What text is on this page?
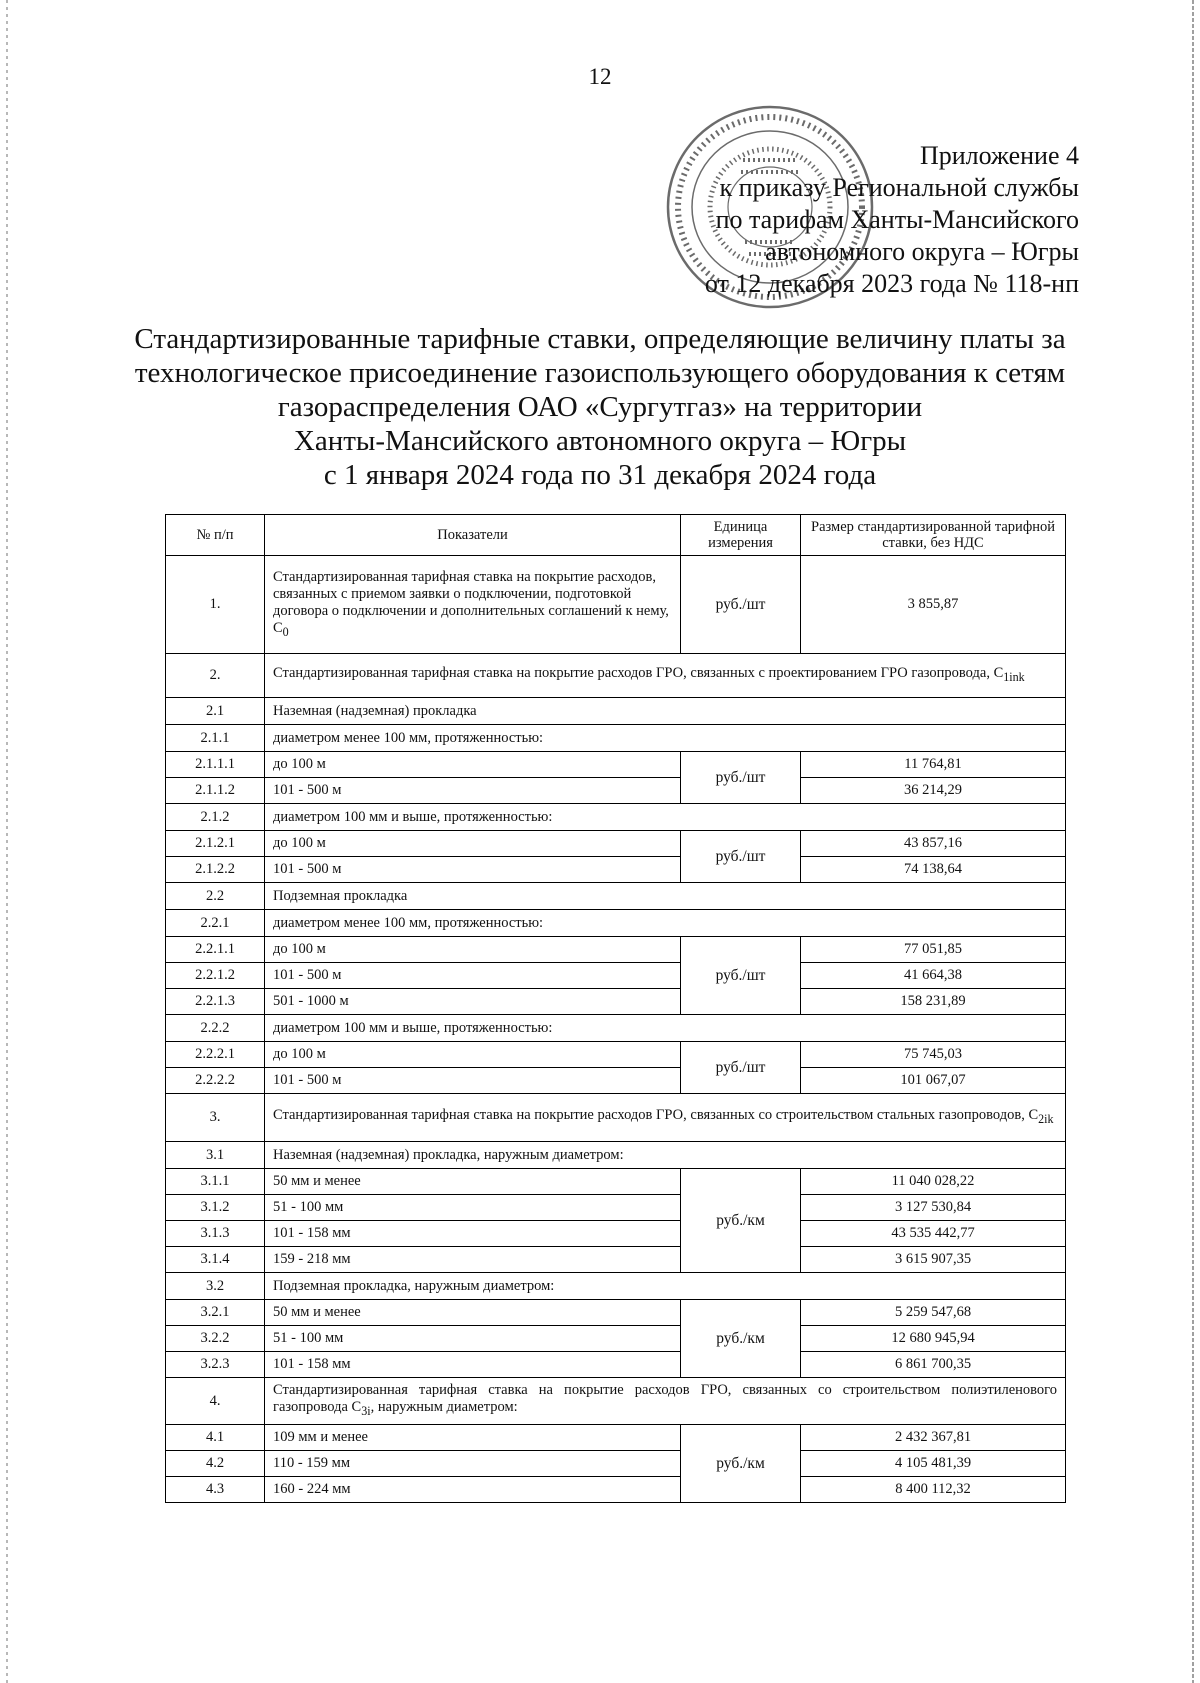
12
Приложение 4
к приказу Региональной службы
по тарифам Ханты-Мансийского
автономного округа – Югры
от 12 декабря 2023 года № 118-нп
Стандартизированные тарифные ставки, определяющие величину платы за
технологическое присоединение газоиспользующего оборудования к сетям
газораспределения ОАО «Сургутгаз» на территории
Ханты-Мансийского автономного округа – Югры
с 1 января 2024 года по 31 декабря 2024 года
№ п/п	Показатели	Единица измерения	Размер стандартизированной тарифной ставки, без НДС
1.	Стандартизированная тарифная ставка на покрытие расходов, связанных с приемом заявки о подключении, подготовкой договора о подключении и дополнительных соглашений к нему, $C_0$	руб./шт	3 855,87
2.	Стандартизированная тарифная ставка на покрытие расходов ГРО, связанных с проектированием ГРО газопровода, $C_{1ink}$
2.1	Наземная (надземная) прокладка		
2.1.1	диаметром менее 100 мм, протяженностью:		
2.1.1.1	до 100 м	руб./шт	11 764,81
2.1.1.2	101 - 500 м		36 214,29
2.1.2	диаметром 100 мм и выше, протяженностью:		
2.1.2.1	до 100 м	руб./шт	43 857,16
2.1.2.2	101 - 500 м		74 138,64
2.2	Подземная прокладка		
2.2.1	диаметром менее 100 мм, протяженностью:		
2.2.1.1	до 100 м	руб./шт	77 051,85
2.2.1.2	101 - 500 м		41 664,38
2.2.1.3	501 - 1000 м		158 231,89
2.2.2	диаметром 100 мм и выше, протяженностью:		
2.2.2.1	до 100 м	руб./шт	75 745,03
2.2.2.2	101 - 500 м		101 067,07
3.	Стандартизированная тарифная ставка на покрытие расходов ГРО, связанных со строительством стальных газопроводов, $C_{2ik}$
3.1	Наземная (надземная) прокладка, наружным диаметром:		
3.1.1	50 мм и менее	руб./км	11 040 028,22
3.1.2	51 - 100 мм		3 127 530,84
3.1.3	101 - 158 мм		43 535 442,77
3.1.4	159 - 218 мм		3 615 907,35
3.2	Подземная прокладка, наружным диаметром:		
3.2.1	50 мм и менее	руб./км	5 259 547,68
3.2.2	51 - 100 мм		12 680 945,94
3.2.3	101 - 158 мм		6 861 700,35
4.	Стандартизированная тарифная ставка на покрытие расходов ГРО, связанных со строительством полиэтиленового газопровода $C_{3i}$, наружным диаметром:		
4.1	109 мм и менее	руб./км	2 432 367,81
4.2	110 - 159 мм		4 105 481,39
4.3	160 - 224 мм		8 400 112,32
